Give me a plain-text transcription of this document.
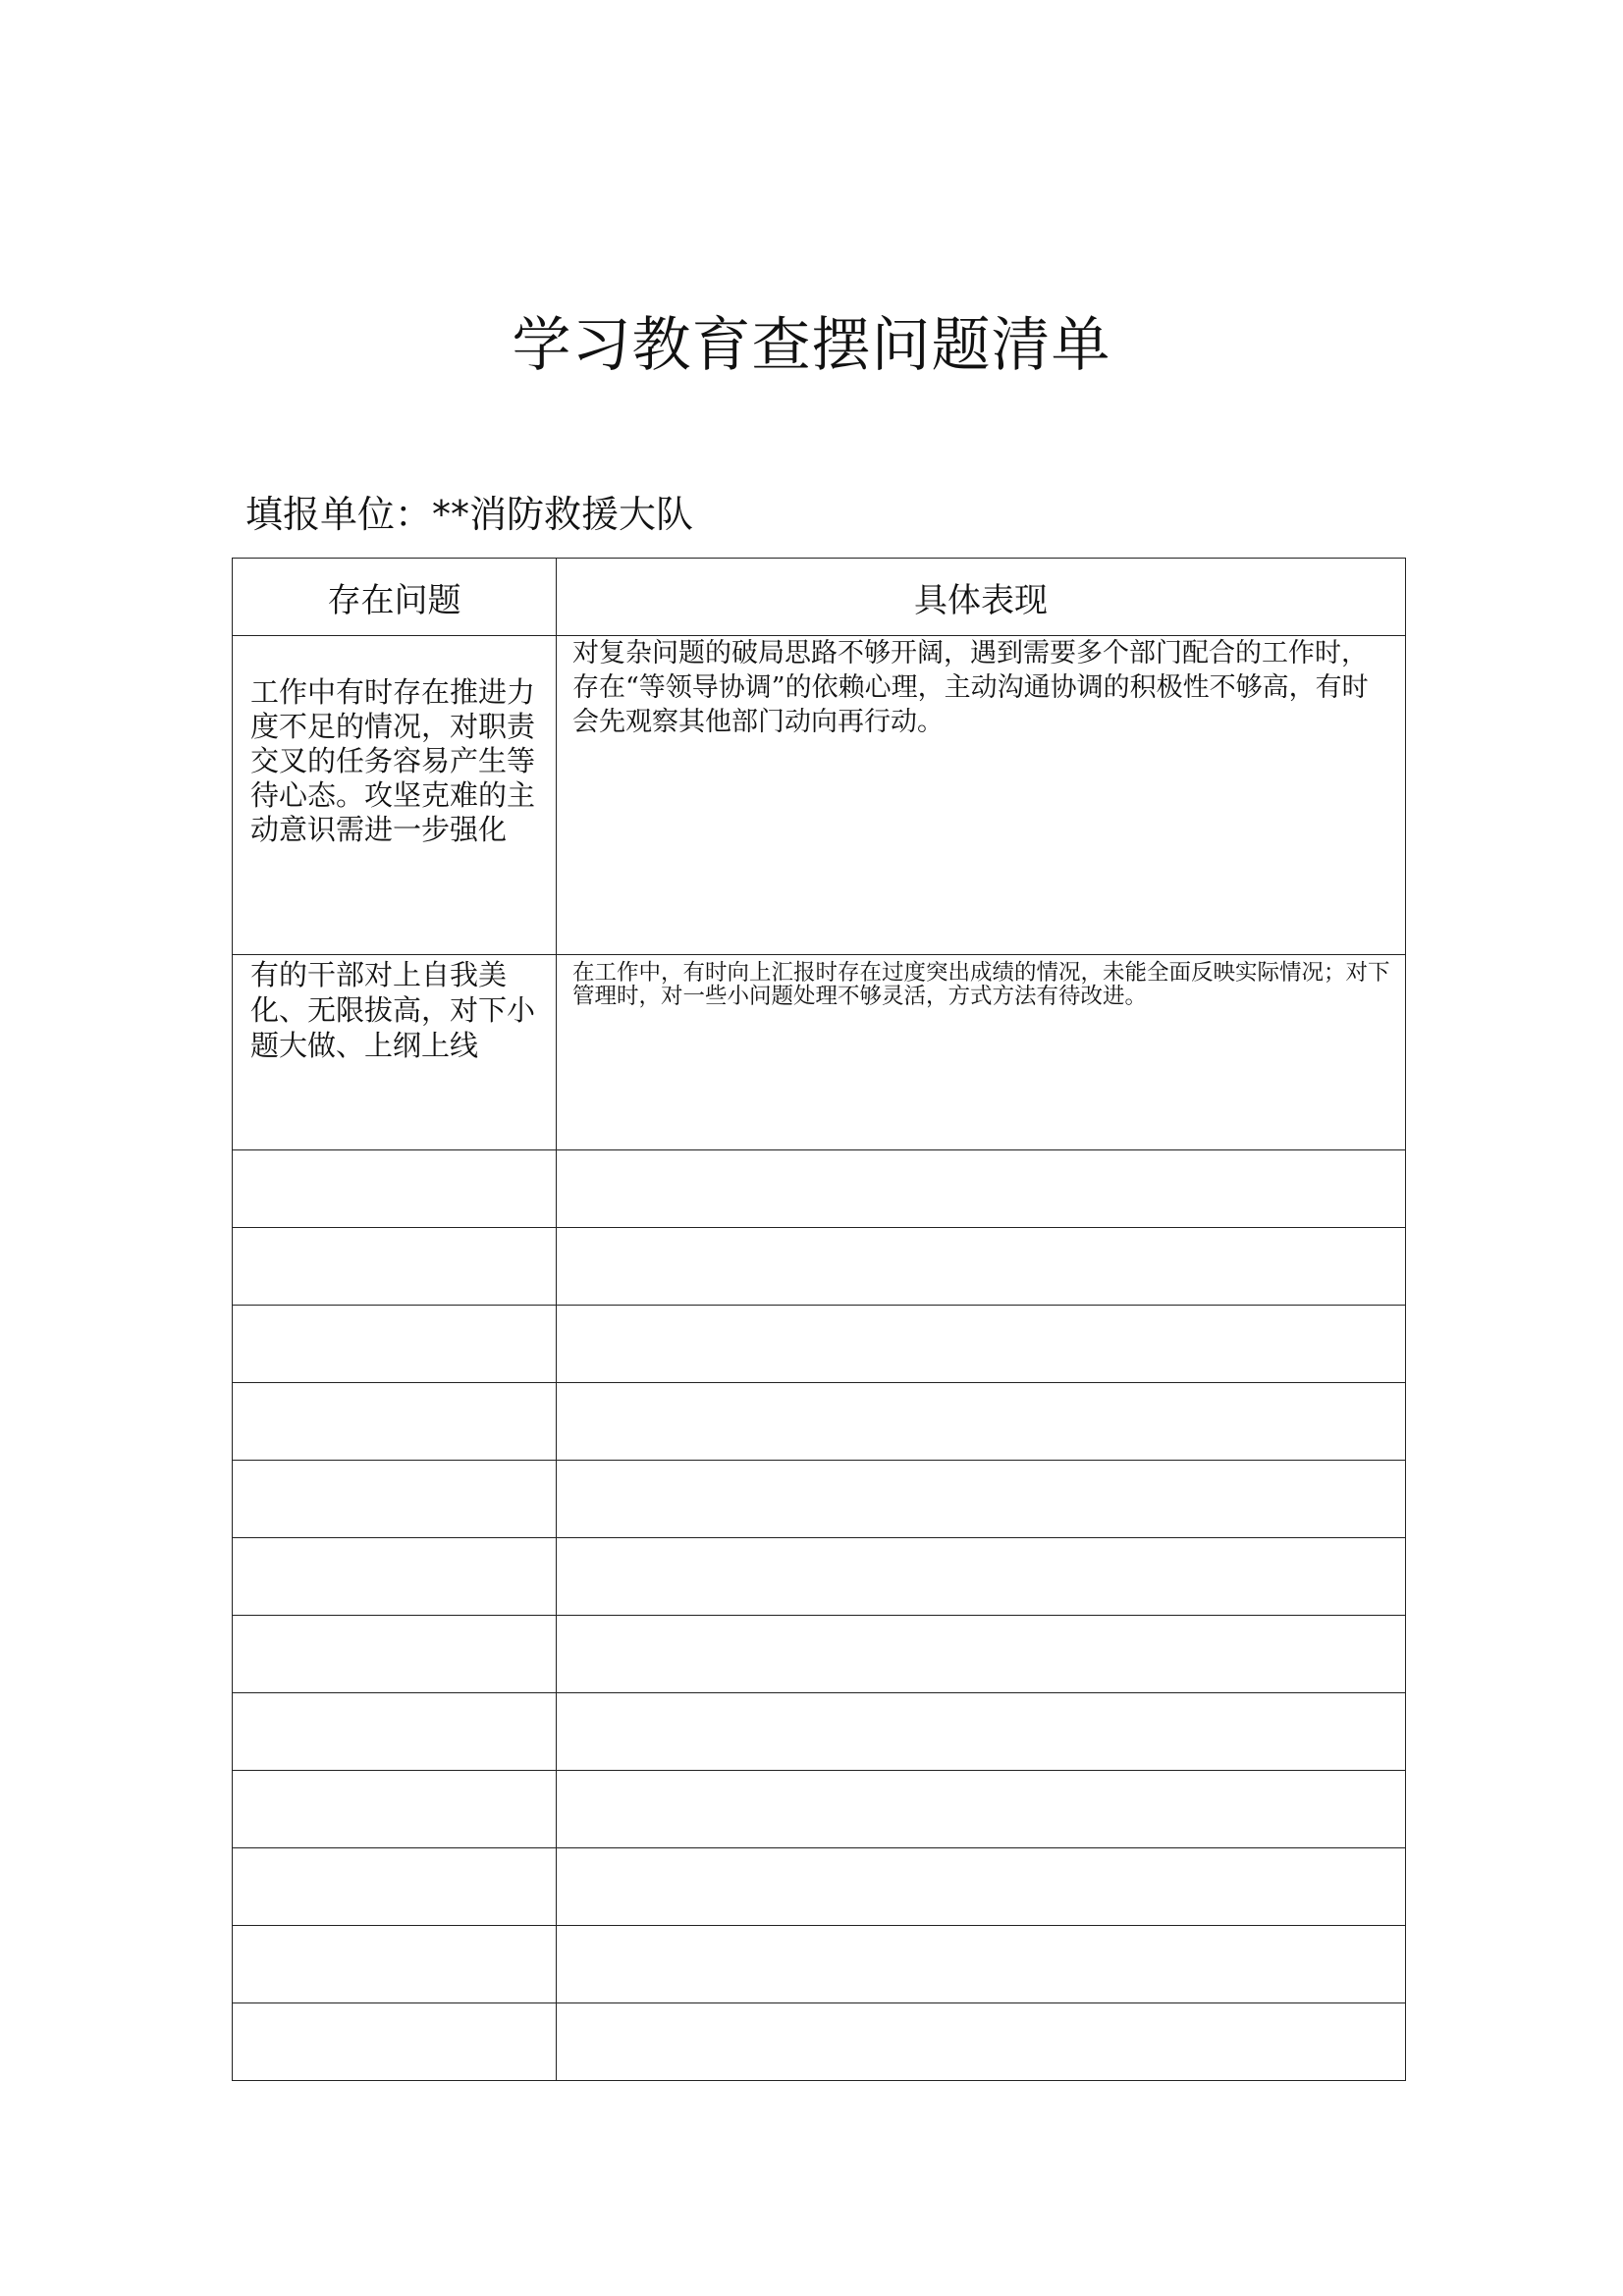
学习教育查摆问题清单
填报单位：**消防救援大队
存在问题	具体表现
工作中有时存在推进力度不足的情况，对职责交叉的任务容易产生等待心态。攻坚克难的主动意识需进一步强化	对复杂问题的破局思路不够开阔，遇到需要多个部门配合的工作时，存在“等领导协调”的依赖心理，主动沟通协调的积极性不够高，有时会先观察其他部门动向再行动。
有的干部对上自我美化、无限拔高，对下小题大做、上纲上线	在工作中，有时向上汇报时存在过度突出成绩的情况，未能全面反映实际情况；对下管理时，对一些小问题处理不够灵活，方式方法有待改进。
